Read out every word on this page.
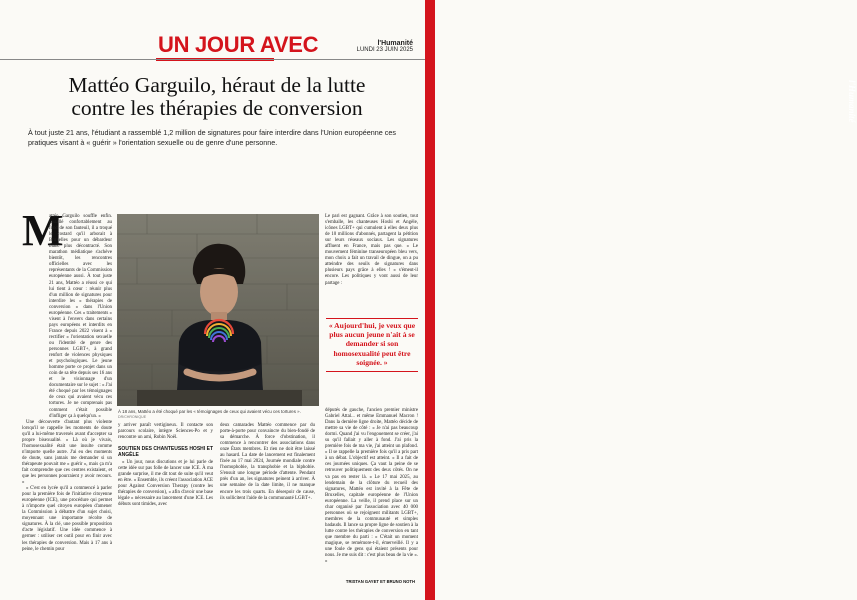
UN JOUR AVEC	l'Humanité
LUNDI 23 JUIN 2025
l'Humanité
Mattéo Garguilo, héraut de la lutte
contre les thérapies de conversion
À tout juste 21 ans, l'étudiant a rassemblé 1,2 million de signatures pour faire interdire dans l'Union européenne ces pratiques visant à « guérir » l'orientation sexuelle ou de genre d'une personne.
M

attéo Garguilo souffle enfin. Installé confortablement au fond de son fauteuil, il a troqué le costard qu'il arborait à Bruxelles pour un débardeur blanc plus décontracté. Son marathon médiatique s'achève bientôt, les rencontres officielles avec les représentants de la Commission européenne aussi. À tout juste 21 ans, Mattéo a réussi ce qui lui tient à cœur : réunir plus d'un million de signatures pour interdire les « thérapies de conversion » dans l'Union européenne. Ces « traitements » visent à l'envers dans certains pays européens et interdits en France depuis 2022 visent à « rectifier » l'orientation sexuelle ou l'identité de genre des personnes LGBT+, à grand renfort de violences physiques et psychologiques. Le jeune homme porte ce projet dans un coin de sa tête depuis ses 16 ans et le visionnage d'un documentaire sur le sujet : « J'ai été choqué par les témoignages de ceux qui avaient vécu ces tortures. Je ne comprenais pas comment c'était possible d'infliger ça à quelqu'un. »

Une découverte d'autant plus violente lorsqu'il se rappelle les moments de doute qu'il a lui-même traversés avant d'accepter sa propre bisexualité. « Là où je vivais, l'homosexualité était une insulte comme n'importe quelle autre. J'ai eu des moments de doute, sans jamais me demander si un thérapeute pouvait me « guérir », mais ça m'a fait comprendre que ces centres existaient, et que les personnes pourraient y avoir recours. »

« C'est en lycée qu'il a commencé à parler pour la première fois de l'initiative citoyenne européenne (ICE), une procédure qui permet à n'importe quel citoyen européen d'amener la Commission à débattre d'un sujet choisi, moyennant une importante récolte de signatures. À la clé, une possible proposition d'acte législatif. Une idée commence à germer : utiliser cet outil pour en finir avec les thérapies de conversion. Mais à 17 ans à peine, le chemin pour

À 18 ans, Mattéo a été choqué par les « témoignages de ceux qui avaient vécu ces tortures ». DR/CHRONIQUE

y arriver paraît vertigineux. Il contacte son parcours scolaire, intègre Sciences-Po et y rencontre un ami, Robin Noël.

SOUTIEN DES CHANTEUSES HOSHI ET ANGÈLE

« Un jour, nous discutions et je lui parle de cette idée sur pas folle de lancer une ICE. À ma grande surprise, il me dit tout de suite qu'il veut en être. » Ensemble, ils créent l'association ACE pour Against Conversion Therapy (contre les thérapies de conversion), « afin d'avoir une base légale » nécessaire au lancement d'une ICE. Les débuts sont timides, avec

deux camarades Mattéo commence par du porte-à-porte pour convaincre du bien-fondé de sa démarche. À force d'obstination, il commence à rencontrer des associations dans onze États membres. Et rien ne doit être laissé au hasard. La date de lancement est finalement fixée au 17 mai 2024, Journée mondiale contre l'homophobie, la transphobie et la biphobie. S'ensuit une longue période d'attente. Pendant près d'un an, les signatures peinent à arriver. À une semaine de la date limite, il ne manque encore les trois quarts. En désespoir de cause, ils sollicitent l'aide de la communauté LGBT+.

Le pari est gagnant. Grâce à son soutien, tout s'emballe, les chanteuses Hoshi et Angèle, icônes LGBT+ qui cumulent à elles deux plus de 10 millions d'abonnés, partagent la pétition sur leurs réseaux sociaux. Les signatures affluent en France, mais pas que. « Le mouvement féminine transeuropéen bleu vers, mon choix a fait un travail de dingue, on a pu atteindre des seuils de signatures dans plusieurs pays grâce à elles ! » s'émeut-il encore. Les politiques y vont aussi de leur partage :

« Aujourd'hui, je veux que plus aucun jeune n'ait à se demander si son homosexualité peut être soignée. »

députés de gauche, l'ancien premier ministre Gabriel Attal... et même Emmanuel Macron ! Dans la dernière ligne droite, Mattéo décide de mettre sa vie de côté : « Je n'ai pas beaucoup dormi. Quand j'ai vu l'engouement se créer, j'ai su qu'il fallait y aller à fond. J'ai pris la première fois de ma vie, j'ai atteint un plafond. » Il se rappelle la première fois qu'il a pris part à un débat. L'objectif est atteint. « Il a fait de ces journées uniques. Ça vaut la peine de se retrouver politiquement des deux côtés. On ne va pas en rester là. » Le 17 mai 2025, au lendemain de la clôture du recueil des signatures, Mattéo est invité à la Fête de Bruxelles, capitale européenne de l'Union européenne. La veille, il prend place sur un char organisé par l'association avec 40 000 personnes où se rejoignent militants LGBT+, membres de la communauté et simples badauds. Il lance sa propre ligne de soutien à la lutte contre les thérapies de conversion en tant que membre du parti : « C'était un moment magique, se remémore-t-il, émerveillé. Il y a une foule de gens qui étaient présents pour nous. Je me suis dit : c'est plus beau de la vie ». »

TRISTAN GAYET ET BRUNO NOTH
